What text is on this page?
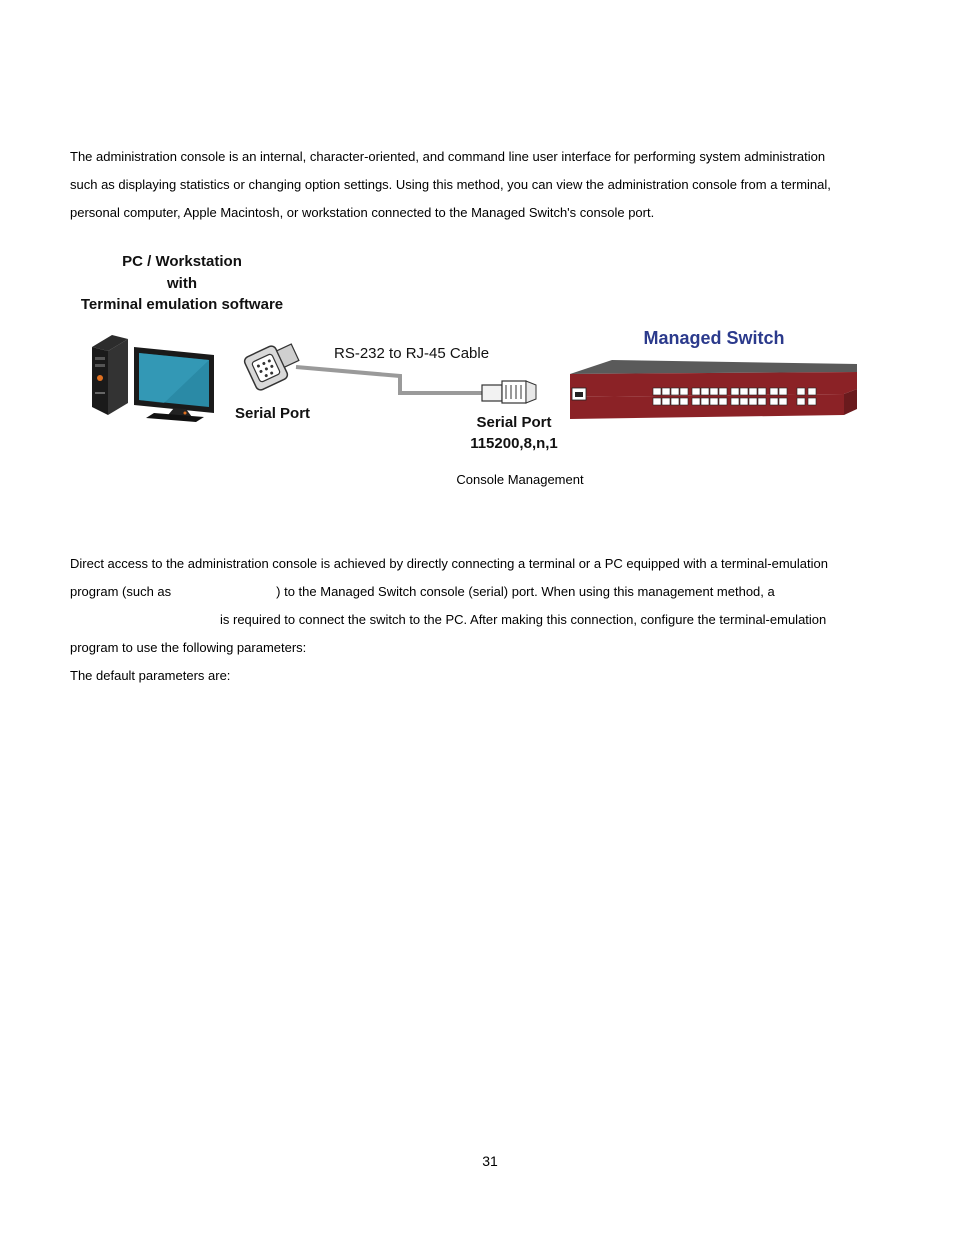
The administration console is an internal, character-oriented, and command line user interface for performing system administration
such as displaying statistics or changing option settings. Using this method, you can view the administration console from a terminal,
personal computer, Apple Macintosh, or workstation connected to the Managed Switch's console port.
PC / Workstation
with
Terminal emulation software
RS-232 to RJ-45 Cable
Serial Port
Serial Port
115200,8,n,1
Managed Switch
Console Management
Direct access to the administration console is achieved by directly connecting a terminal or a PC equipped with a terminal-emulation
program (such as	) to the Managed Switch console (serial) port. When using this management method, a
is required to connect the switch to the PC. After making this connection, configure the terminal-emulation
program to use the following parameters:
The default parameters are:
31
